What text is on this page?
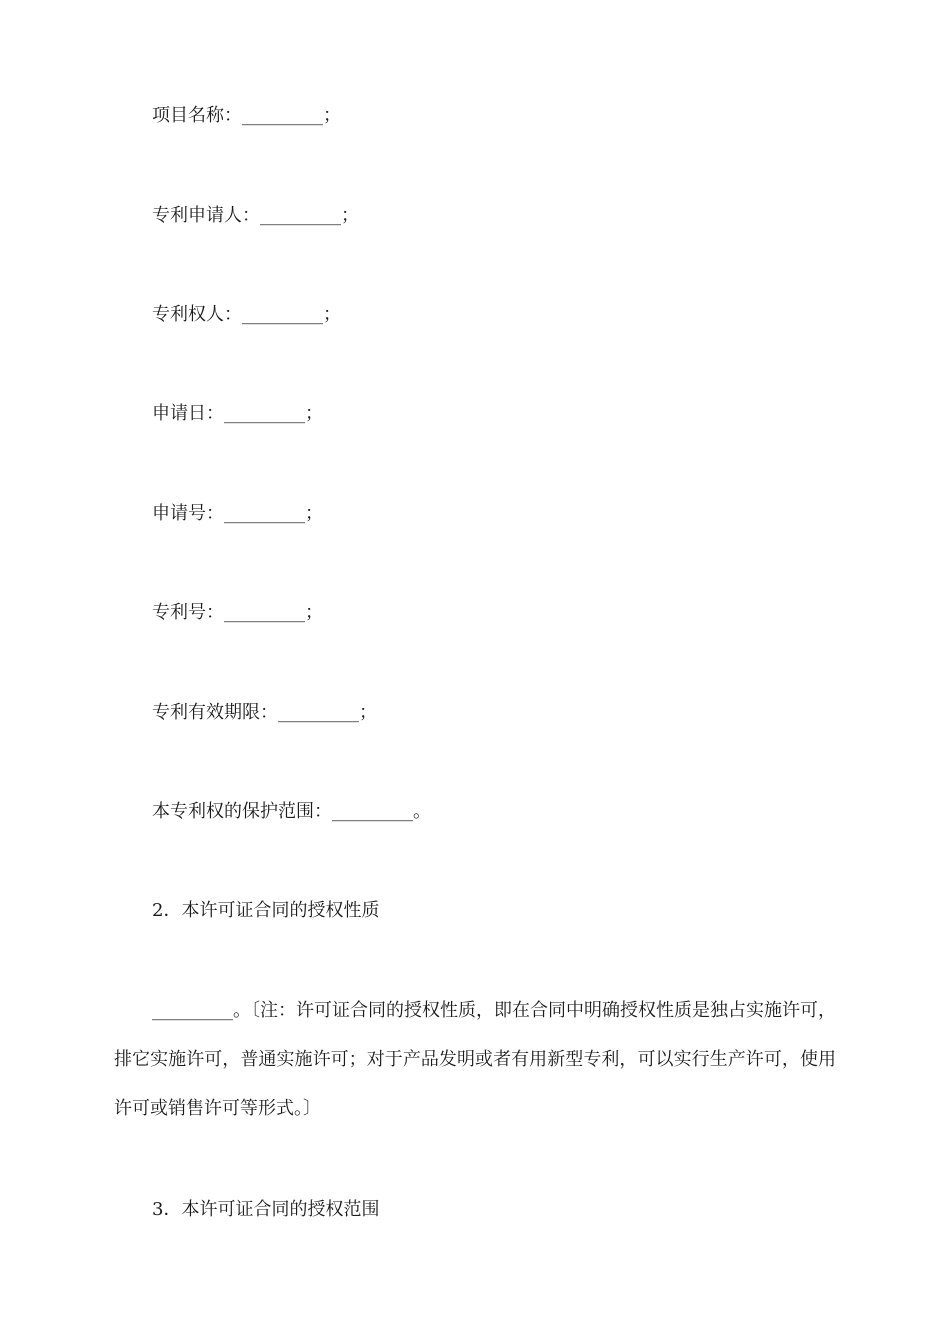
项目名称：_________；
专利申请人：_________；
专利权人：_________；
申请日：_________；
申请号：_________；
专利号：_________；
专利有效期限：_________；
本专利权的保护范围：_________。
2．本许可证合同的授权性质
_________。〔注：许可证合同的授权性质，即在合同中明确授权性质是独占实施许可，排它实施许可，普通实施许可；对于产品发明或者有用新型专利，可以实行生产许可，使用许可或销售许可等形式。〕
3．本许可证合同的授权范围
